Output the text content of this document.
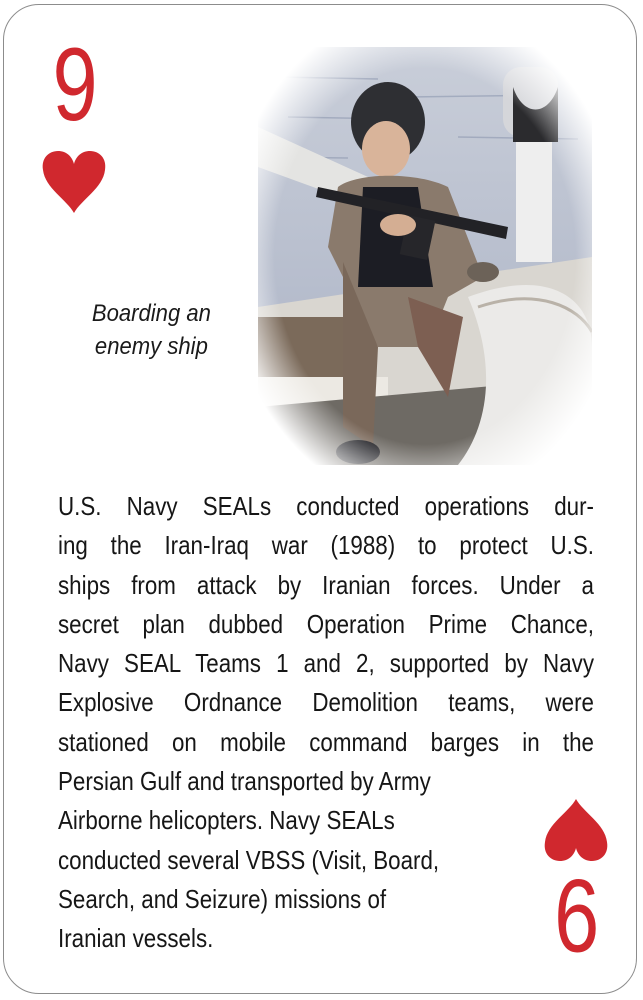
9
Boarding an
enemy ship
U.S. Navy SEALs conducted operations dur-
ing the Iran-Iraq war (1988) to protect U.S.
ships from attack by Iranian forces. Under a
secret plan dubbed Operation Prime Chance,
Navy SEAL Teams 1 and 2, supported by Navy
Explosive Ordnance Demolition teams, were
stationed on mobile command barges in the
Persian Gulf and transported by Army
Airborne helicopters. Navy SEALs
conducted several VBSS (Visit, Board,
Search, and Seizure) missions of
Iranian vessels.	9
